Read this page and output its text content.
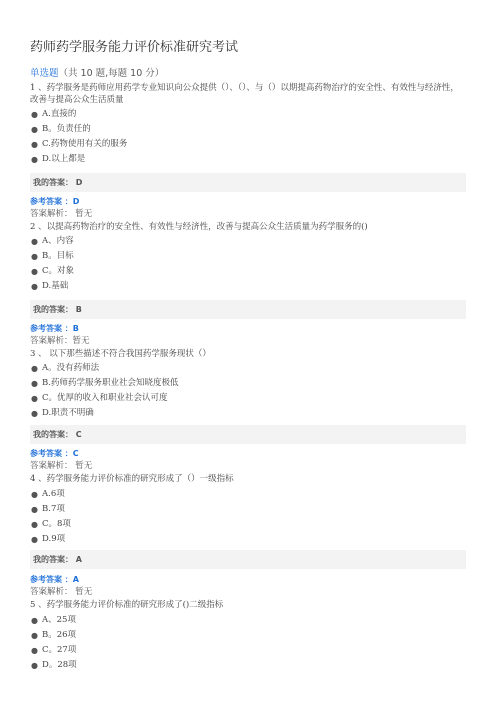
药师药学服务能力评价标准研究考试
单选题（共 10 题,每题 10 分）
1 、药学服务是药师应用药学专业知识向公众提供（）、（）、与（）以期提高药物治疗的安全性、有效性与经济性，改善与提高公众生活质量
● A.直接的
● B。负责任的
● C.药物使用有关的服务
● D.以上都是
我的答案： D
参考答案 ：D
答案解析： 暂无
2 、以提高药物治疗的安全性、有效性与经济性，改善与提高公众生活质量为药学服务的()
● A、内容
● B。目标
● C。对象
● D.基础
我的答案： B
参考答案 ：B
答案解析：暂无
3 、 以下那些描述不符合我国药学服务现状（）
● A。没有药师法
● B.药师药学服务职业社会知晓度极低
● C。优厚的收入和职业社会认可度
● D.职责不明确
我的答案： C
参考答案 ：C
答案解析： 暂无
4 、药学服务能力评价标准的研究形成了（）一级指标
● A.6项
● B.7项
● C。8项
● D.9项
我的答案： A
参考答案 ：A
答案解析： 暂无
5 、药学服务能力评价标准的研究形成了()二级指标
● A、25项
● B。26项
● C。27项
● D。28项
